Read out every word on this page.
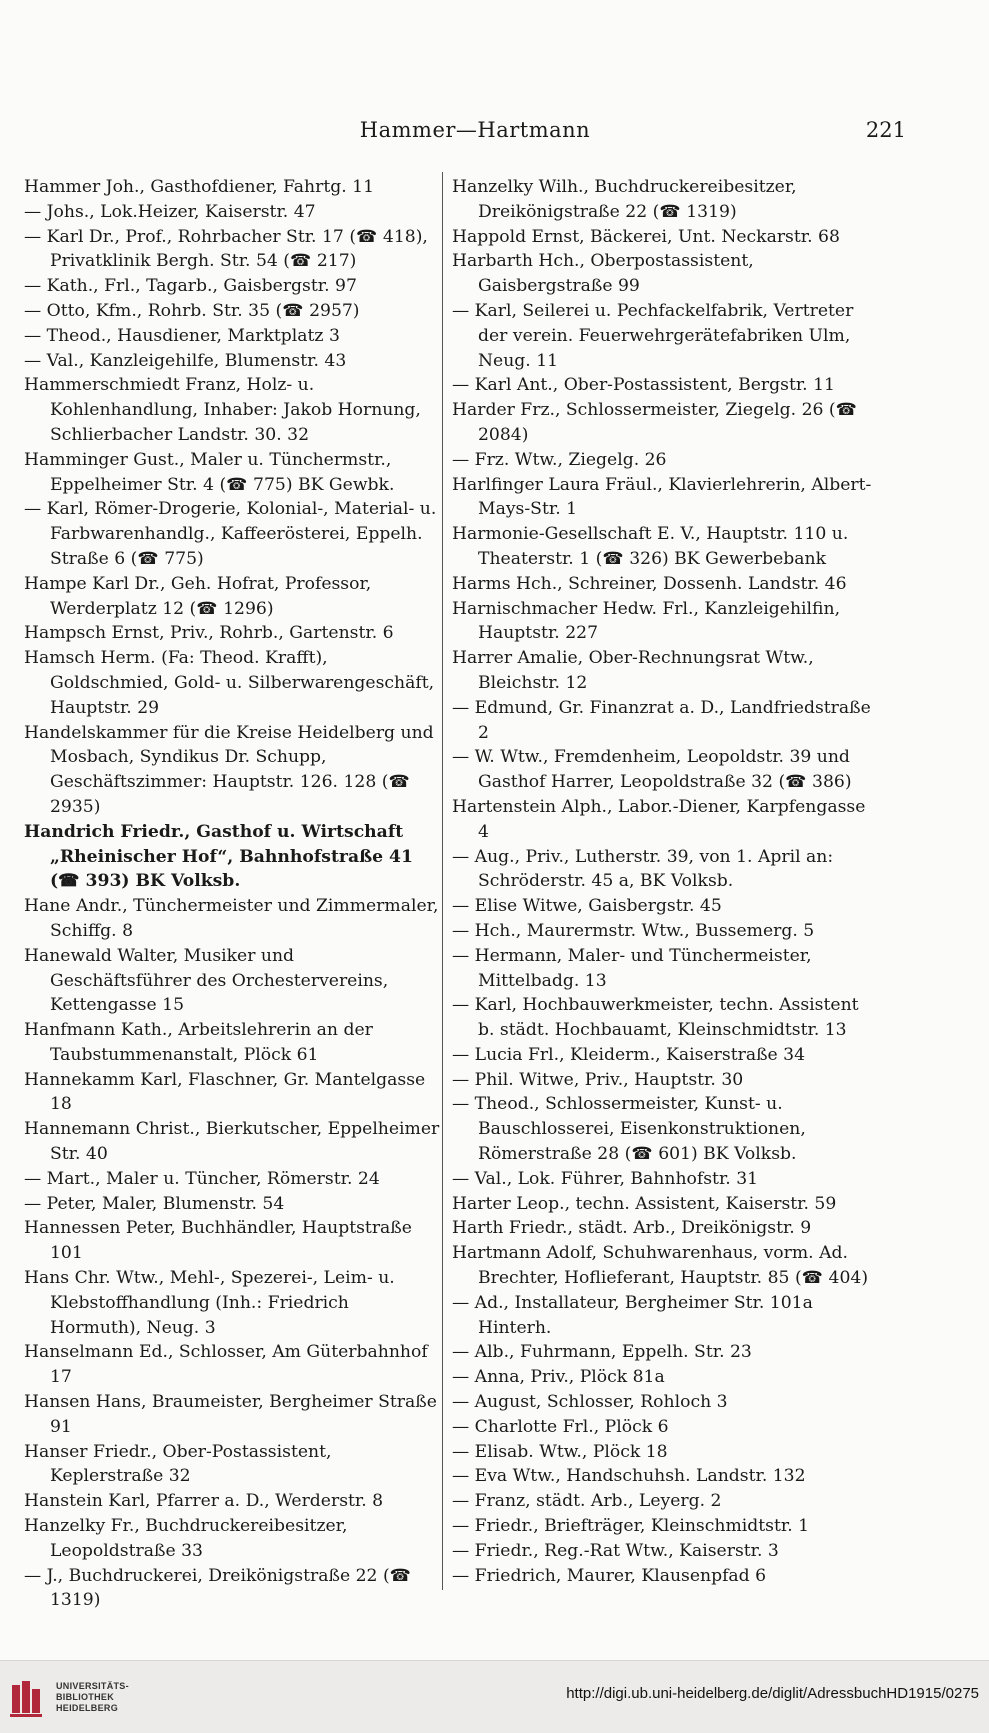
Hammer—Hartmann	221

Hammer Joh., Gasthofdiener, Fahrtg. 11

— Johs., Lok.Heizer, Kaiserstr. 47

— Karl Dr., Prof., Rohrbacher Str. 17 (☎ 418), Privatklinik Bergh. Str. 54 (☎ 217)

— Kath., Frl., Tagarb., Gaisbergstr. 97

— Otto, Kfm., Rohrb. Str. 35 (☎ 2957)

— Theod., Hausdiener, Marktplatz 3

— Val., Kanzleigehilfe, Blumenstr. 43

Hammerschmiedt Franz, Holz- u. Kohlenhandlung, Inhaber: Jakob Hornung, Schlierbacher Landstr. 30. 32

Hamminger Gust., Maler u. Tünchermstr., Eppelheimer Str. 4 (☎ 775) BK Gewbk.

— Karl, Römer-Drogerie, Kolonial-, Material- u. Farbwarenhandlg., Kaffeerösterei, Eppelh. Straße 6 (☎ 775)

Hampe Karl Dr., Geh. Hofrat, Professor, Werderplatz 12 (☎ 1296)

Hampsch Ernst, Priv., Rohrb., Gartenstr. 6

Hamsch Herm. (Fa: Theod. Krafft), Goldschmied, Gold- u. Silberwarengeschäft, Hauptstr. 29

Handelskammer für die Kreise Heidelberg und Mosbach, Syndikus Dr. Schupp, Geschäftszimmer: Hauptstr. 126. 128 (☎ 2935)

Handrich Friedr., Gasthof u. Wirtschaft „Rheinischer Hof“, Bahnhofstraße 41 (☎ 393) BK Volksb.

Hane Andr., Tünchermeister und Zimmermaler, Schiffg. 8

Hanewald Walter, Musiker und Geschäftsführer des Orchestervereins, Kettengasse 15

Hanfmann Kath., Arbeitslehrerin an der Taubstummenanstalt, Plöck 61

Hannekamm Karl, Flaschner, Gr. Mantelgasse 18

Hannemann Christ., Bierkutscher, Eppelheimer Str. 40

— Mart., Maler u. Tüncher, Römerstr. 24

— Peter, Maler, Blumenstr. 54

Hannessen Peter, Buchhändler, Hauptstraße 101

Hans Chr. Wtw., Mehl-, Spezerei-, Leim- u. Klebstoffhandlung (Inh.: Friedrich Hormuth), Neug. 3

Hanselmann Ed., Schlosser, Am Güterbahnhof 17

Hansen Hans, Braumeister, Bergheimer Straße 91

Hanser Friedr., Ober-Postassistent, Keplerstraße 32

Hanstein Karl, Pfarrer a. D., Werderstr. 8

Hanzelky Fr., Buchdruckereibesitzer, Leopoldstraße 33

— J., Buchdruckerei, Dreikönigstraße 22 (☎ 1319)

Hanzelky Wilh., Buchdruckereibesitzer, Dreikönigstraße 22 (☎ 1319)

Happold Ernst, Bäckerei, Unt. Neckarstr. 68

Harbarth Hch., Oberpostassistent, Gaisbergstraße 99

— Karl, Seilerei u. Pechfackelfabrik, Vertreter der verein. Feuerwehrgerätefabriken Ulm, Neug. 11

— Karl Ant., Ober-Postassistent, Bergstr. 11

Harder Frz., Schlossermeister, Ziegelg. 26 (☎ 2084)

— Frz. Wtw., Ziegelg. 26

Harlfinger Laura Fräul., Klavierlehrerin, Albert-Mays-Str. 1

Harmonie-Gesellschaft E. V., Hauptstr. 110 u. Theaterstr. 1 (☎ 326) BK Gewerbebank

Harms Hch., Schreiner, Dossenh. Landstr. 46

Harnischmacher Hedw. Frl., Kanzleigehilfin, Hauptstr. 227

Harrer Amalie, Ober-Rechnungsrat Wtw., Bleichstr. 12

— Edmund, Gr. Finanzrat a. D., Landfriedstraße 2

— W. Wtw., Fremdenheim, Leopoldstr. 39 und Gasthof Harrer, Leopoldstraße 32 (☎ 386)

Hartenstein Alph., Labor.-Diener, Karpfengasse 4

— Aug., Priv., Lutherstr. 39, von 1. April an: Schröderstr. 45 a, BK Volksb.

— Elise Witwe, Gaisbergstr. 45

— Hch., Maurermstr. Wtw., Bussemerg. 5

— Hermann, Maler- und Tünchermeister, Mittelbadg. 13

— Karl, Hochbauwerkmeister, techn. Assistent b. städt. Hochbauamt, Kleinschmidtstr. 13

— Lucia Frl., Kleiderm., Kaiserstraße 34

— Phil. Witwe, Priv., Hauptstr. 30

— Theod., Schlossermeister, Kunst- u. Bauschlosserei, Eisenkonstruktionen, Römerstraße 28 (☎ 601) BK Volksb.

— Val., Lok. Führer, Bahnhofstr. 31

Harter Leop., techn. Assistent, Kaiserstr. 59

Harth Friedr., städt. Arb., Dreikönigstr. 9

Hartmann Adolf, Schuhwarenhaus, vorm. Ad. Brechter, Hoflieferant, Hauptstr. 85 (☎ 404)

— Ad., Installateur, Bergheimer Str. 101a Hinterh.

— Alb., Fuhrmann, Eppelh. Str. 23

— Anna, Priv., Plöck 81a

— August, Schlosser, Rohloch 3

— Charlotte Frl., Plöck 6

— Elisab. Wtw., Plöck 18

— Eva Wtw., Handschuhsh. Landstr. 132

— Franz, städt. Arb., Leyerg. 2

— Friedr., Briefträger, Kleinschmidtstr. 1

— Friedr., Reg.-Rat Wtw., Kaiserstr. 3

— Friedrich, Maurer, Klausenpfad 6

UNIVERSITÄTS-
BIBLIOTHEK
HEIDELBERG
http://digi.ub.uni-heidelberg.de/diglit/AdressbuchHD1915/0275
